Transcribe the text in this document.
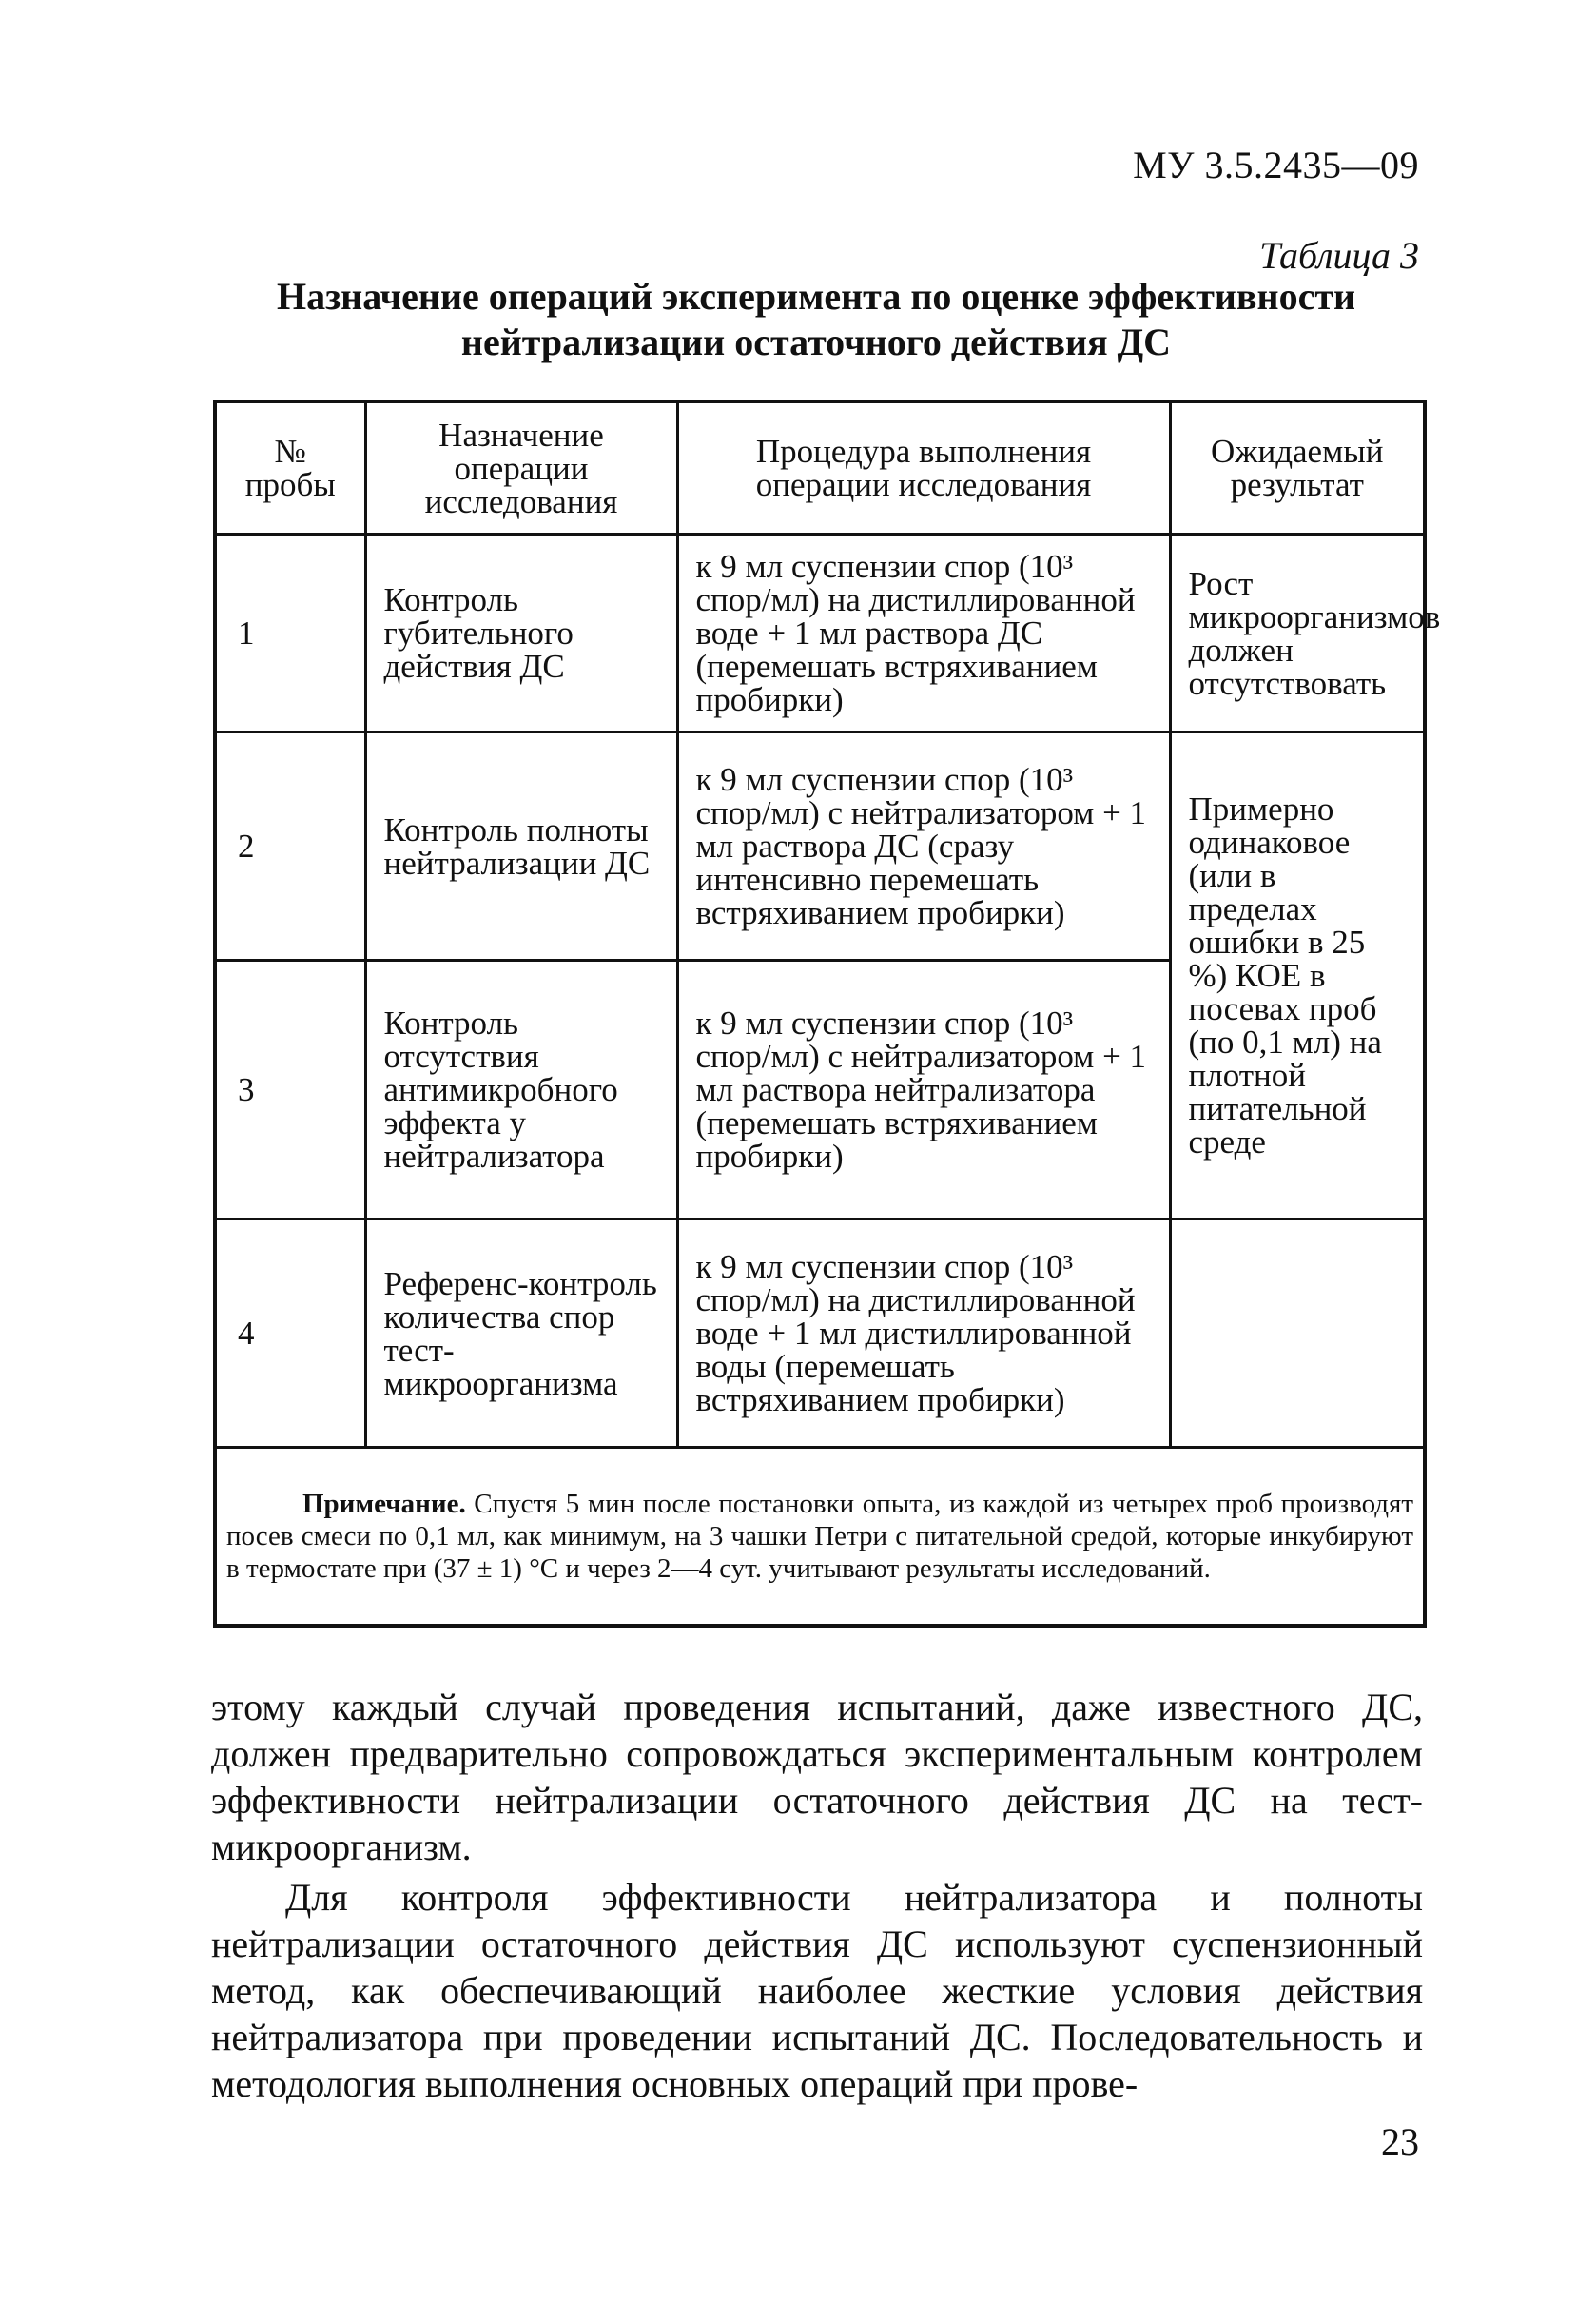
МУ 3.5.2435—09
Таблица 3
Назначение операций эксперимента по оценке эффективности
нейтрализации остаточного действия ДС
№ пробы	Назначение операции исследования	Процедура выполнения операции исследования	Ожидаемый результат
1	Контроль губительного действия ДС	к 9 мл суспензии спор (10³ спор/мл) на дистиллированной воде + 1 мл раствора ДС (перемешать встряхиванием пробирки)	Рост микроорганизмов должен отсутствовать
2	Контроль полноты нейтрализации ДС	к 9 мл суспензии спор (10³ спор/мл) с нейтрализатором + 1 мл раствора ДС (сразу интенсивно перемешать встряхиванием пробирки)	Примерно одинаковое (или в пределах ошибки в 25 %) КОЕ в посевах проб (по 0,1 мл) на плотной питательной среде
3	Контроль отсутствия антимикробного эффекта у нейтрализатора	к 9 мл суспензии спор (10³ спор/мл) с нейтрализатором + 1 мл раствора нейтрализатора (перемешать встряхиванием пробирки)	
4	Референс-контроль количества спор тест-микроорганизма	к 9 мл суспензии спор (10³ спор/мл) на дистиллированной воде + 1 мл дистиллированной воды (перемешать встряхиванием пробирки)	
Примечание. Спустя 5 мин после постановки опыта, из каждой из четырех проб производят посев смеси по 0,1 мл, как минимум, на 3 чашки Петри с питательной средой, которые инкубируют в термостате при (37 ± 1) °С и через 2—4 сут. учитывают результаты исследований.			

этому каждый случай проведения испытаний, даже известного ДС, должен предварительно сопровождаться экспериментальным контролем эффективности нейтрализации остаточного действия ДС на тест-микроорганизм.

Для контроля эффективности нейтрализатора и полноты нейтрализации остаточного действия ДС используют суспензионный метод, как обеспечивающий наиболее жесткие условия действия нейтрализатора при проведении испытаний ДС. Последовательность и методология выполнения основных операций при прове-

23
